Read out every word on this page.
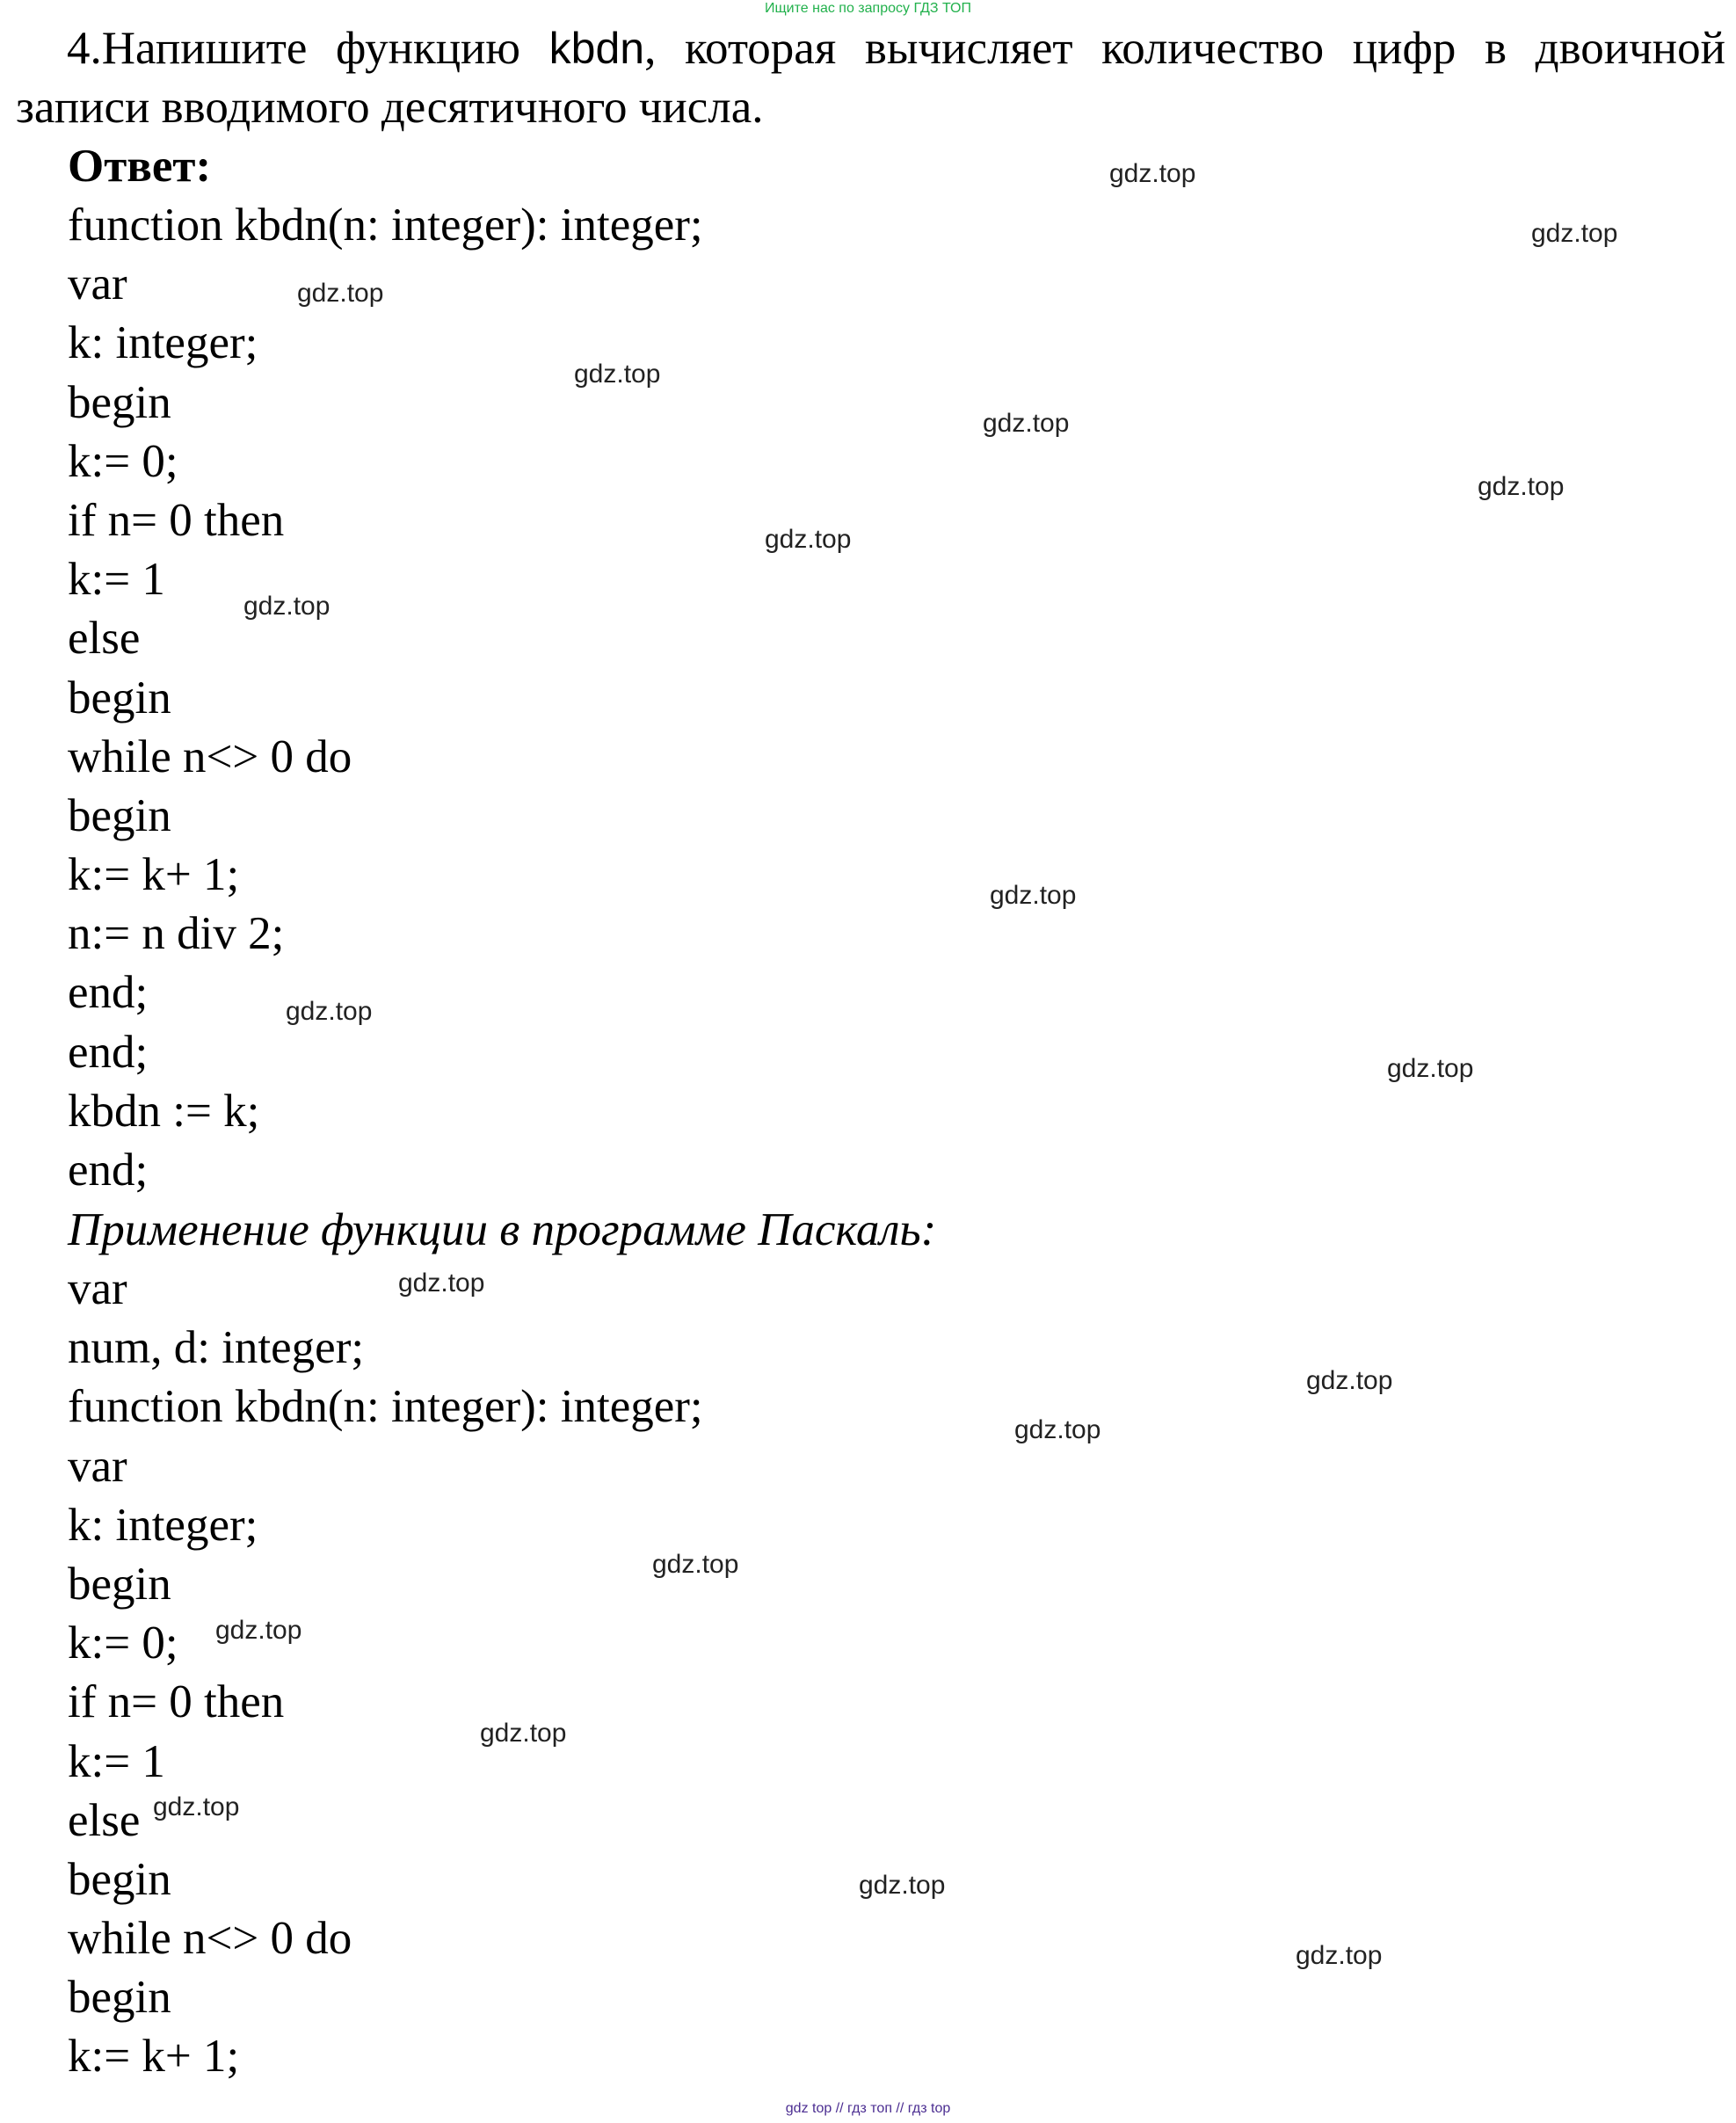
Ищите нас по запросу ГДЗ ТОП

4.Напишите функцию kbdn, которая вычисляет количество цифр в двоичной записи вводимого десятичного числа.

Ответ:
function kbdn(n: integer): integer;
var
k: integer;
begin
k:= 0;
if n= 0 then
k:= 1
else
begin
while n<> 0 do
begin
k:= k+ 1;
n:= n div 2;
end;
end;
kbdn := k;
end;
Применение функции в программе Паскаль:
var
num, d: integer;
function kbdn(n: integer): integer;
var
k: integer;
begin
k:= 0;
if n= 0 then
k:= 1
else
begin
while n<> 0 do
begin
k:= k+ 1;
gdz.top
gdz.top
gdz.top
gdz.top
gdz.top
gdz.top
gdz.top
gdz.top
gdz.top
gdz.top
gdz.top
gdz.top
gdz.top
gdz.top
gdz.top
gdz.top
gdz.top
gdz.top
gdz.top
gdz.top
gdz top // гдз топ // гдз top
